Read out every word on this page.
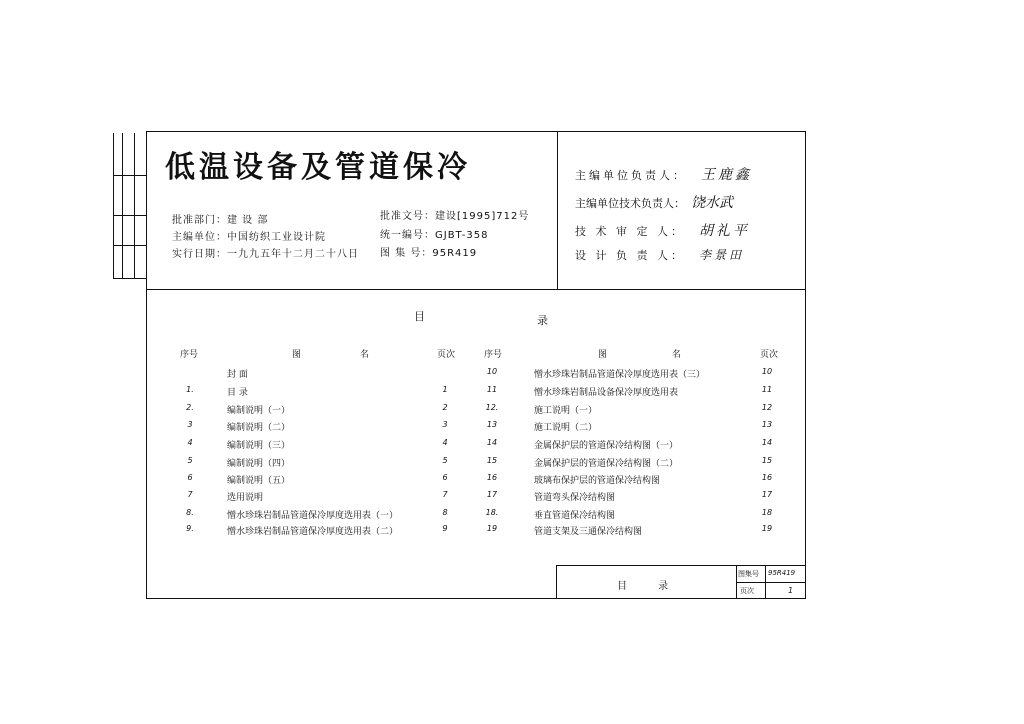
低温设备及管道保冷
批准部门：建 设 部
主编单位：中国纺织工业设计院
实行日期：一九九五年十二月二十八日
批准文号：建设[1995]712号
统一编号：GJBT-358
图 集 号：95R419
主编单位负责人： 王鹿鑫
主编单位技术负责人： 饶水武
技 术 审 定 人： 胡礼平
设 计 负 责 人： 李景田
目	录
序号	图	名	页次	序号	图	名	页次
封 面
1.	目 录	1
2.	编制说明（一）	2
3	编制说明（二）	3
4	编制说明（三）	4
5	编制说明（四）	5
6	编制说明（五）	6
7	选用说明	7
8.	憎水珍珠岩制品管道保冷厚度选用表（一）	8
9.	憎水珍珠岩制品管道保冷厚度选用表（二）	9
10	憎水珍珠岩制品管道保冷厚度选用表（三）	10
11	憎水珍珠岩制品设备保冷厚度选用表	11
12.	施工说明（一）	12
13	施工说明（二）	13
14	金属保护层的管道保冷结构图（一）	14
15	金属保护层的管道保冷结构图（二）	15
16	玻璃布保护层的管道保冷结构图	16
17	管道弯头保冷结构图	17
18.	垂直管道保冷结构图	18
19	管道支架及三通保冷结构图	19
目 录
图集号 95R419
页次	1
